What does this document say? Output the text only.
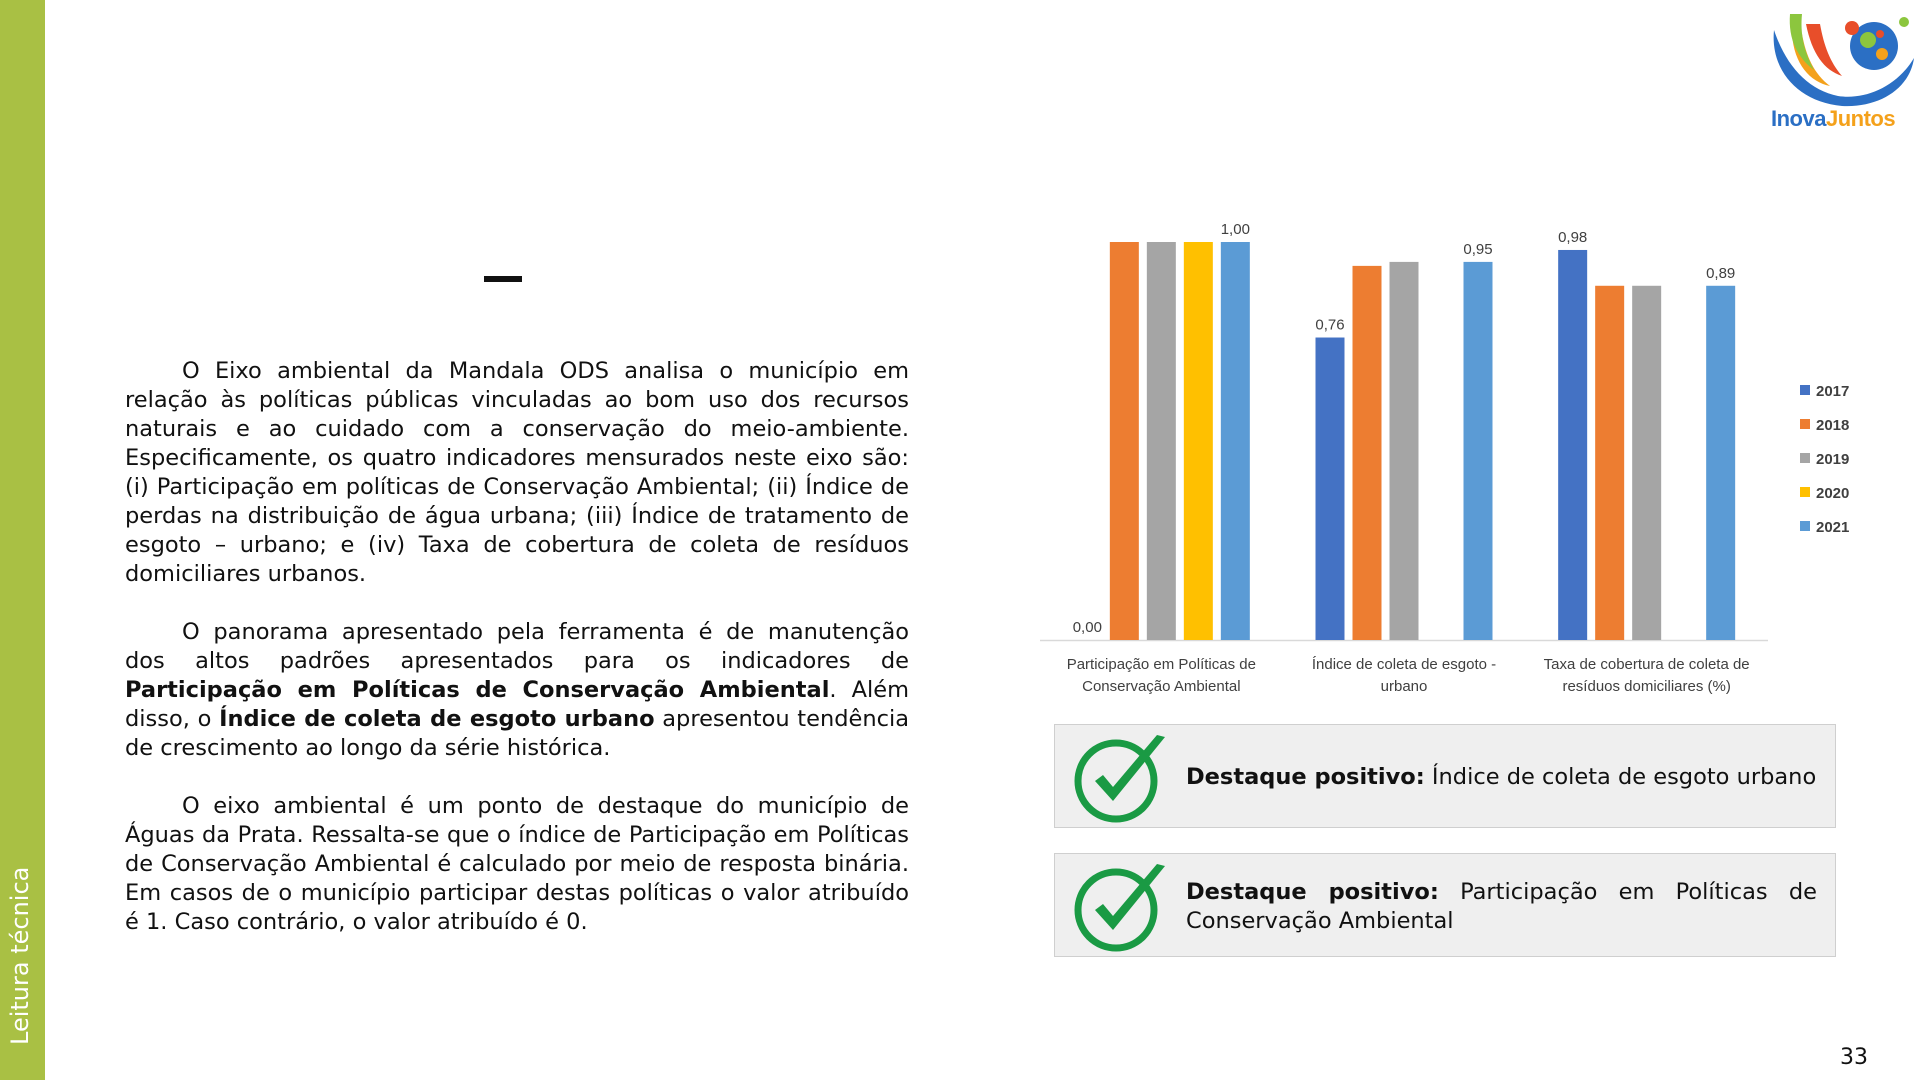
Leitura técnica
InovaJuntos

O Eixo ambiental da Mandala ODS analisa o município em relação às políticas públicas vinculadas ao bom uso dos recursos naturais e ao cuidado com a conservação do meio-ambiente. Especificamente, os quatro indicadores mensurados neste eixo são: (i) Participação em políticas de Conservação Ambiental; (ii) Índice de perdas na distribuição de água urbana; (iii) Índice de tratamento de esgoto – urbano; e (iv) Taxa de cobertura de coleta de resíduos domiciliares urbanos.

O panorama apresentado pela ferramenta é de manutenção dos altos padrões apresentados para os indicadores de Participação em Políticas de Conservação Ambiental. Além disso, o Índice de coleta de esgoto urbano apresentou tendência de crescimento ao longo da série histórica.

O eixo ambiental é um ponto de destaque do município de Águas da Prata. Ressalta-se que o índice de Participação em Políticas de Conservação Ambiental é calculado por meio de resposta binária. Em casos de o município participar destas políticas o valor atribuído é 1. Caso contrário, o valor atribuído é 0.

0,00
1,00
0,76
0,95
0,98
0,89
Participação em Políticas de
Conservação Ambiental
Índice de coleta de esgoto -
urbano
Taxa de cobertura de coleta de
resíduos domiciliares (%)
2017
2018
2019
2020
2021
Destaque positivo: Índice de coleta de esgoto urbano
Destaque positivo: Participação em Políticas de Conservação Ambiental
33
